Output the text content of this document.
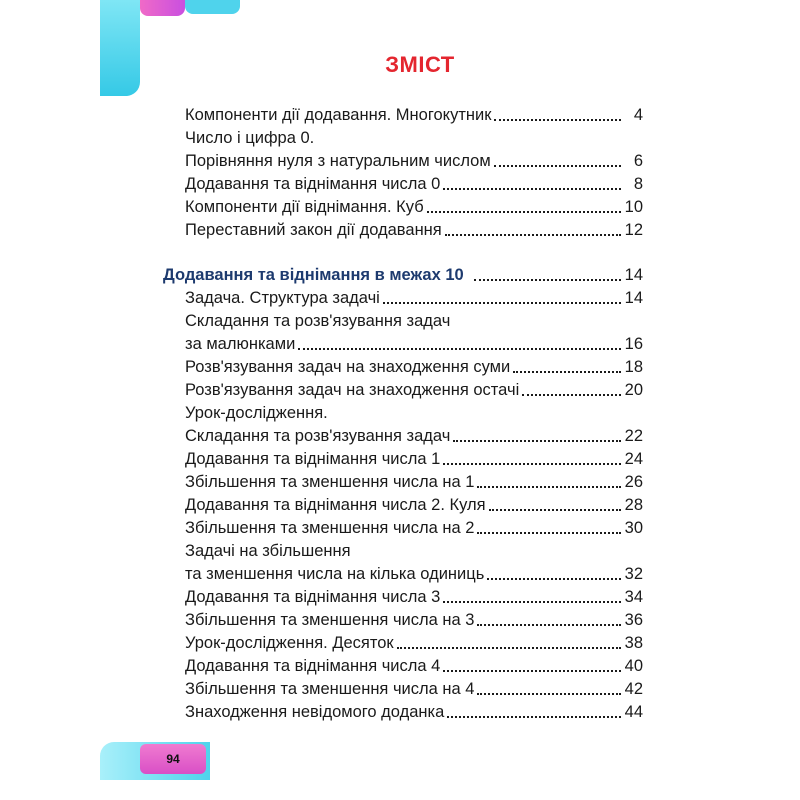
94
ЗМІСТ
Компоненти дії додавання. Многокутник	4
Число і цифра 0.
Порівняння нуля з натуральним числом	6
Додавання та віднімання числа 0	8
Компоненти дії віднімання. Куб	10
Переставний закон дії додавання	12
Додавання та віднімання в межах 10	14
Задача. Структура задачі	14
Складання та розв'язування задач
за малюнками	16
Розв'язування задач на знаходження суми	18
Розв'язування задач на знаходження остачі	20
Урок-дослідження.
Складання та розв'язування задач	22
Додавання та віднімання числа 1	24
Збільшення та зменшення числа на 1	26
Додавання та віднімання числа 2. Куля	28
Збільшення та зменшення числа на 2	30
Задачі на збільшення
та зменшення числа на кілька одиниць	32
Додавання та віднімання числа 3	34
Збільшення та зменшення числа на 3	36
Урок-дослідження. Десяток	38
Додавання та віднімання числа 4	40
Збільшення та зменшення числа на 4	42
Знаходження невідомого доданка	44
